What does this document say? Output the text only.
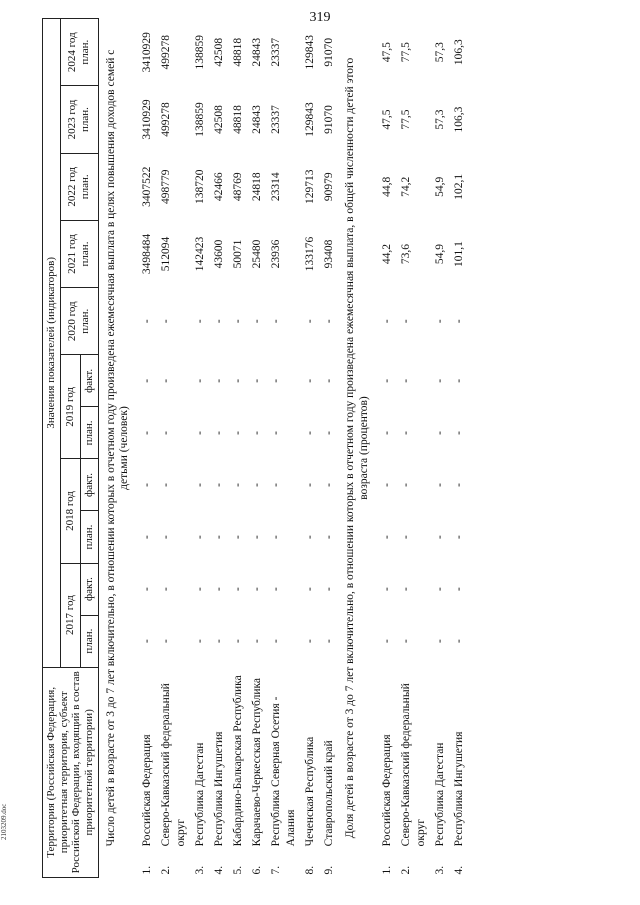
319
Территория (Российская Федерация, приоритетная территория, субъект Российской Федерации, входящий в состав приоритетной территории)		Значения показателей (индикаторов)										
		2017 год		2018 год		2019 год		2020 год план.	2021 год план.	2022 год план.	2023 год план.	2024 год план.
		план.	факт.	план.	факт.	план.	факт.					
Число детей в возрасте от 3 до 7 лет включительно, в отношении которых в отчетном году произведена ежемесячная выплата в целях повышения доходов семей с детьми (человек)												
1.	Российская Федерация	-	-	-	-	-	-	-	3498484	3407522	3410929	3410929
2.	Северо-Кавказский федеральный округ	-	-	-	-	-	-	-	512094	498779	499278	499278
3.	Республика Дагестан	-	-	-	-	-	-	-	142423	138720	138859	138859
4.	Республика Ингушетия	-	-	-	-	-	-	-	43600	42466	42508	42508
5.	Кабардино-Балкарская Республика	-	-	-	-	-	-	-	50071	48769	48818	48818
6.	Карачаево-Черкесская Республика	-	-	-	-	-	-	-	25480	24818	24843	24843
7.	Республика Северная Осетия - Алания	-	-	-	-	-	-	-	23936	23314	23337	23337
8.	Чеченская Республика	-	-	-	-	-	-	-	133176	129713	129843	129843
9.	Ставропольский край	-	-	-	-	-	-	-	93408	90979	91070	91070
Доля детей в возрасте от 3 до 7 лет включительно, в отношении которых в отчетном году произведена ежемесячная выплата, в общей численности детей этого возраста (процентов)												
1.	Российская Федерация	-	-	-	-	-	-	-	44,2	44,8	47,5	47,5
2.	Северо-Кавказский федеральный округ	-	-	-	-	-	-	-	73,6	74,2	77,5	77,5
3.	Республика Дагестан	-	-	-	-	-	-	-	54,9	54,9	57,3	57,3
4.	Республика Ингушетия	-	-	-	-	-	-	-	101,1	102,1	106,3	106,3
2103209.doc
